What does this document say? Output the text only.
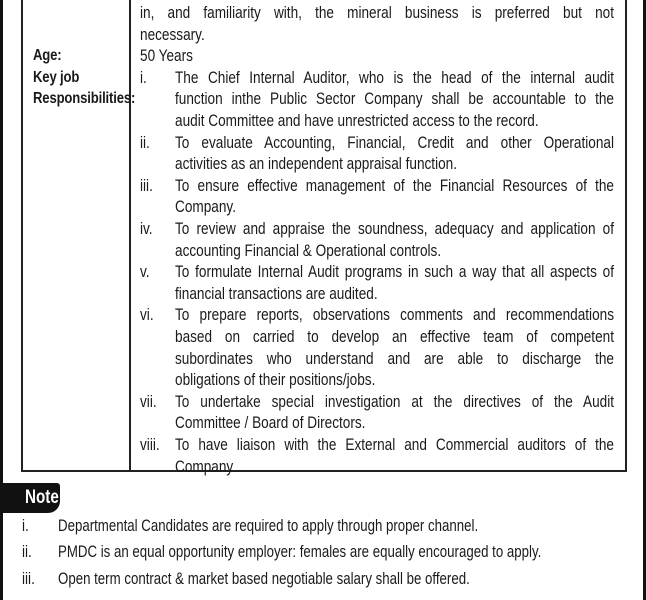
in, and familiarity with, the mineral business is preferred but not
necessary.
Age:	50 Years
Key job
Responsibilities:
i. The Chief Internal Auditor, who is the head of the internal audit
function inthe Public Sector Company shall be accountable to the
audit Committee and have unrestricted access to the record.
ii. To evaluate Accounting, Financial, Credit and other Operational
activities as an independent appraisal function.
iii. To ensure effective management of the Financial Resources of the
Company.
iv. To review and appraise the soundness, adequacy and application of
accounting Financial & Operational controls.
v. To formulate Internal Audit programs in such a way that all aspects of
financial transactions are audited.
vi. To prepare reports, observations comments and recommendations
based on carried to develop an effective team of competent
subordinates who understand and are able to discharge the
obligations of their positions/jobs.
vii. To undertake special investigation at the directives of the Audit
Committee / Board of Directors.
viii. To have liaison with the External and Commercial auditors of the
Company
Note
i. Departmental Candidates are required to apply through proper channel.
ii. PMDC is an equal opportunity employer: females are equally encouraged to apply.
iii. Open term contract & market based negotiable salary shall be offered.
